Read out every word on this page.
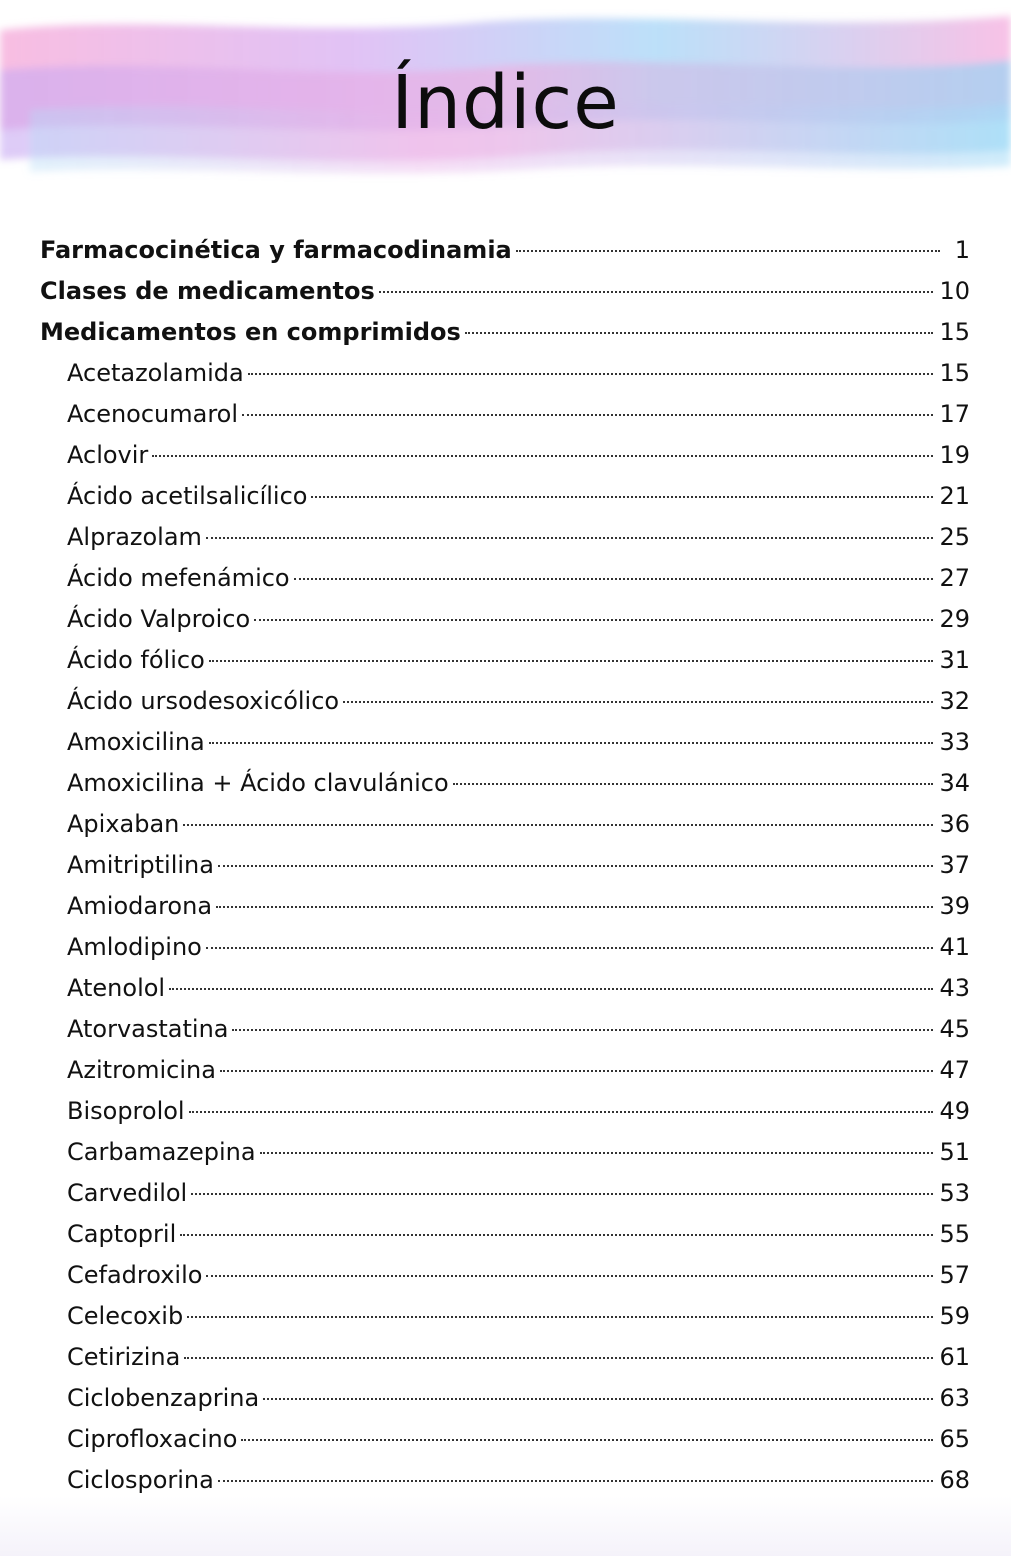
Índice
Farmacocinética y farmacodinamia	1
Clases de medicamentos	10
Medicamentos en comprimidos	15
Acetazolamida	15
Acenocumarol	17
Aclovir	19
Ácido acetilsalicílico	21
Alprazolam	25
Ácido mefenámico	27
Ácido Valproico	29
Ácido fólico	31
Ácido ursodesoxicólico	32
Amoxicilina	33
Amoxicilina + Ácido clavulánico	34
Apixaban	36
Amitriptilina	37
Amiodarona	39
Amlodipino	41
Atenolol	43
Atorvastatina	45
Azitromicina	47
Bisoprolol	49
Carbamazepina	51
Carvedilol	53
Captopril	55
Cefadroxilo	57
Celecoxib	59
Cetirizina	61
Ciclobenzaprina	63
Ciprofloxacino	65
Ciclosporina	68
